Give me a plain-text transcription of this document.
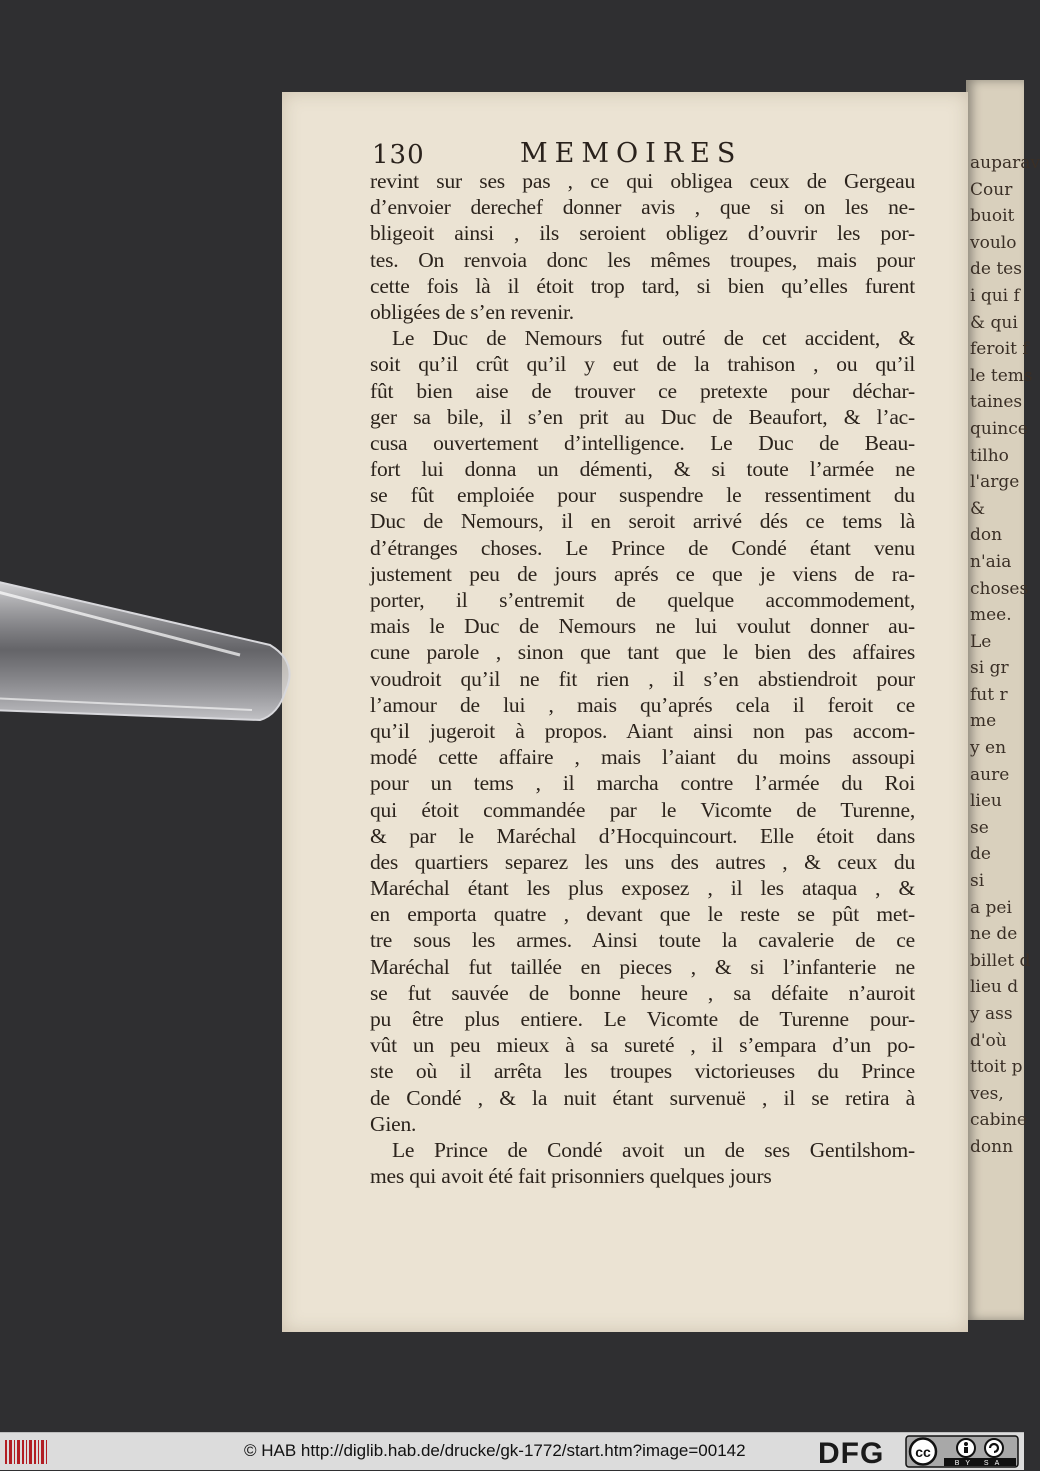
auparav
Cour
buoit
voulo
de tes
i qui f
& qui
feroit f
le tems
taines
quince
tilho
l'arge
&
don
n'aia
choses
mee.
Le
si gr
fut r
me
y en
aure
lieu
se
de
si
a pei
ne de
billet d
lieu d
y ass
d'où
ttoit p
ves,
cabine
donn
130	MEMOIRES
revint sur ses pas , ce qui obligea ceux de Gergeau
d’envoier derechef donner avis , que si on les ne-
bligeoit ainsi , ils seroient obligez d’ouvrir les por-
tes. On renvoia donc les mêmes troupes, mais pour
cette fois là il étoit trop tard, si bien qu’elles furent
obligées de s’en revenir.
Le Duc de Nemours fut outré de cet accident, &
soit qu’il crût qu’il y eut de la trahison , ou qu’il
fût bien aise de trouver ce pretexte pour déchar-
ger sa bile, il s’en prit au Duc de Beaufort, & l’ac-
cusa ouvertement d’intelligence. Le Duc de Beau-
fort lui donna un démenti, & si toute l’armée ne
se fût emploiée pour suspendre le ressentiment du
Duc de Nemours, il en seroit arrivé dés ce tems là
d’étranges choses. Le Prince de Condé étant venu
justement peu de jours aprés ce que je viens de ra-
porter, il s’entremit de quelque accommodement,
mais le Duc de Nemours ne lui voulut donner au-
cune parole , sinon que tant que le bien des affaires
voudroit qu’il ne fit rien , il s’en abstiendroit pour
l’amour de lui , mais qu’aprés cela il feroit ce
qu’il jugeroit à propos. Aiant ainsi non pas accom-
modé cette affaire , mais l’aiant du moins assoupi
pour un tems , il marcha contre l’armée du Roi
qui étoit commandée par le Vicomte de Turenne,
& par le Maréchal d’Hocquincourt. Elle étoit dans
des quartiers separez les uns des autres , & ceux du
Maréchal étant les plus exposez , il les ataqua , &
en emporta quatre , devant que le reste se pût met-
tre sous les armes. Ainsi toute la cavalerie de ce
Maréchal fut taillée en pieces , & si l’infanterie ne
se fut sauvée de bonne heure , sa défaite n’auroit
pu être plus entiere. Le Vicomte de Turenne pour-
vût un peu mieux à sa sureté , il s’empara d’un po-
ste où il arrêta les troupes victorieuses du Prince
de Condé , & la nuit étant survenuë , il se retira à
Gien.
Le Prince de Condé avoit un de ses Gentilshom-
mes qui avoit été fait prisonniers quelques jours
© HAB http://diglib.hab.de/drucke/gk-1772/start.htm?image=00142 DFG cc
BY SA
